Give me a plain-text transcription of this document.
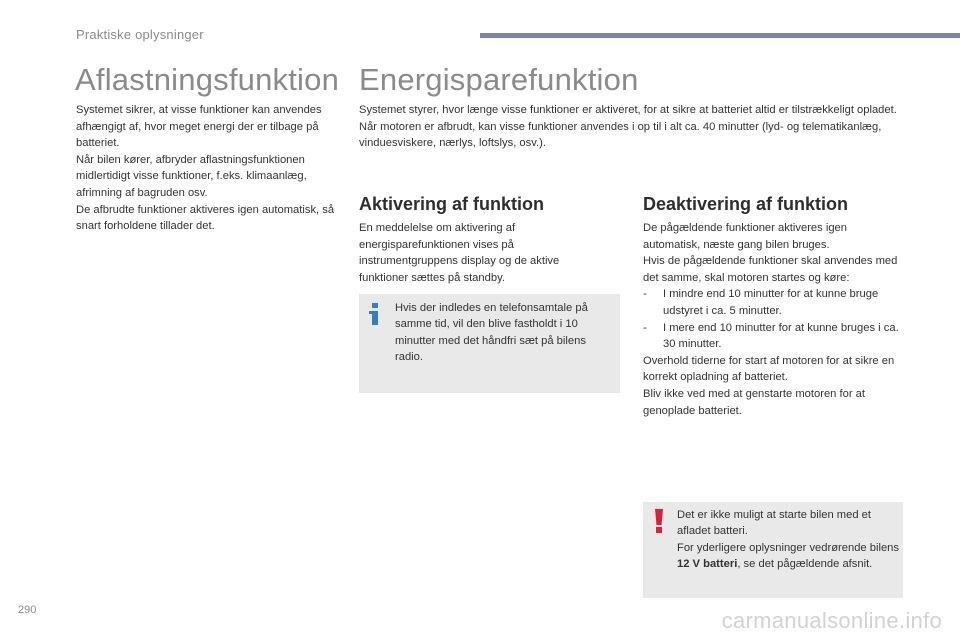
Praktiske oplysninger
Aflastningsfunktion

Systemet sikrer, at visse funktioner kan anvendes afhængigt af, hvor meget energi der er tilbage på batteriet.

Når bilen kører, afbryder aflastningsfunktionen midlertidigt visse funktioner, f.eks. klimaanlæg, afrimning af bagruden osv.

De afbrudte funktioner aktiveres igen automatisk, så snart forholdene tillader det.

Energisparefunktion

Systemet styrer, hvor længe visse funktioner er aktiveret, for at sikre at batteriet altid er tilstrækkeligt opladet.

Når motoren er afbrudt, kan visse funktioner anvendes i op til i alt ca. 40 minutter (lyd- og telematikanlæg, vinduesviskere, nærlys, loftslys, osv.).

Aktivering af funktion

En meddelelse om aktivering af energisparefunktionen vises på instrumentgruppens display og de aktive funktioner sættes på standby.

Hvis der indledes en telefonsamtale på samme tid, vil den blive fastholdt i 10 minutter med det håndfri sæt på bilens radio.
Deaktivering af funktion

De pågældende funktioner aktiveres igen automatisk, næste gang bilen bruges.

Hvis de pågældende funktioner skal anvendes med det samme, skal motoren startes og køre:

-	I mindre end 10 minutter for at kunne bruge udstyret i ca. 5 minutter.
-	I mere end 10 minutter for at kunne bruges i ca. 30 minutter.

Overhold tiderne for start af motoren for at sikre en korrekt opladning af batteriet.

Bliv ikke ved med at genstarte motoren for at genoplade batteriet.

Det er ikke muligt at starte bilen med et afladet batteri.

For yderligere oplysninger vedrørende bilens 12 V batteri, se det pågældende afsnit.

290	carmanualsonline.info
